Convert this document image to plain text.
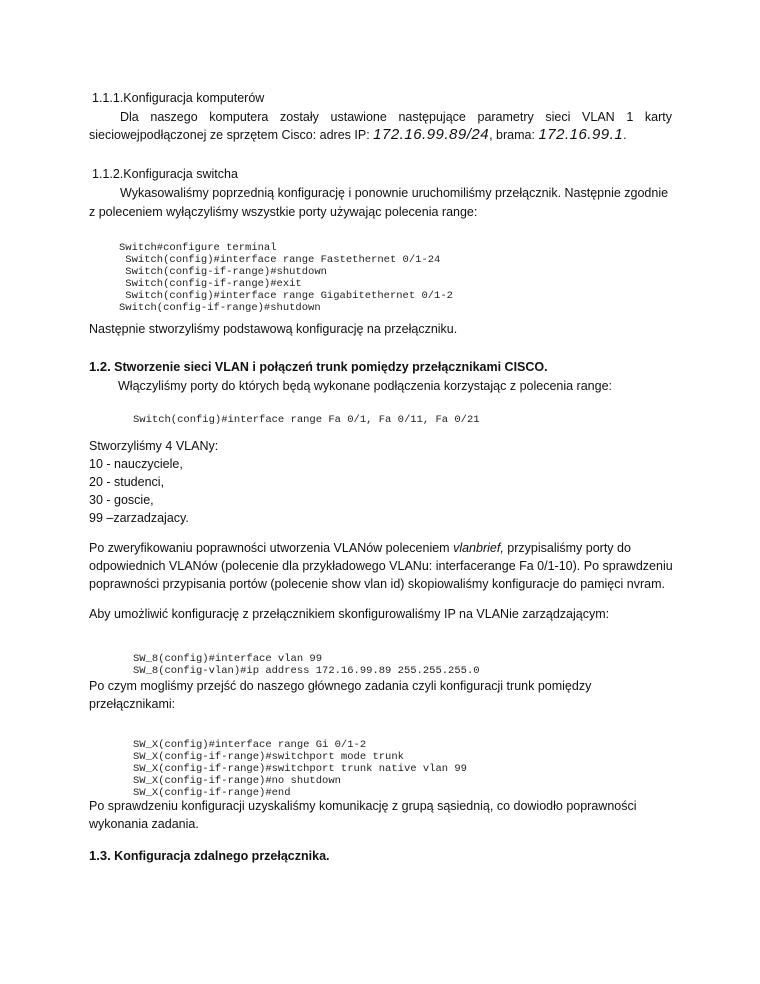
1.1.1.Konfiguracja komputerów
Dla naszego komputera zostały ustawione następujące parametry sieci VLAN 1 karty
sieciowejpodłączonej ze sprzętem Cisco: adres IP: 172.16.99.89/24, brama: 172.16.99.1.
1.1.2.Konfiguracja switcha
Wykasowaliśmy poprzednią konfigurację i ponownie uruchomiliśmy przełącznik. Następnie zgodnie
z poleceniem wyłączyliśmy wszystkie porty używając polecenia range:

Switch#configure terminal
Switch(config)#interface range Fastethernet 0/1-24
Switch(config-if-range)#shutdown
Switch(config-if-range)#exit
Switch(config)#interface range Gigabitethernet 0/1-2
Switch(config-if-range)#shutdown

Następnie stworzyliśmy podstawową konfigurację na przełączniku.
1.2. Stworzenie sieci VLAN i połączeń trunk pomiędzy przełącznikami CISCO.
Włączyliśmy porty do których będą wykonane podłączenia korzystając z polecenia range:
Switch(config)#interface range Fa 0/1, Fa 0/11, Fa 0/21
Stworzyliśmy 4 VLANy:
10 - nauczyciele,
20 - studenci,
30 - goscie,
99 –zarzadzajacy.
Po zweryfikowaniu poprawności utworzenia VLANów poleceniem vlanbrief, przypisaliśmy porty do
odpowiednich VLANów (polecenie dla przykładowego VLANu: interfacerange Fa 0/1-10). Po sprawdzeniu
poprawności przypisania portów (polecenie show vlan id) skopiowaliśmy konfiguracje do pamięci nvram.
Aby umożliwić konfigurację z przełącznikiem skonfigurowaliśmy IP na VLANie zarządzającym:

SW_8(config)#interface vlan 99
SW_8(config-vlan)#ip address 172.16.99.89 255.255.255.0

Po czym mogliśmy przejść do naszego głównego zadania czyli konfiguracji trunk pomiędzy
przełącznikami:

SW_X(config)#interface range Gi 0/1-2
SW_X(config-if-range)#switchport mode trunk
SW_X(config-if-range)#switchport trunk native vlan 99
SW_X(config-if-range)#no shutdown
SW_X(config-if-range)#end

Po sprawdzeniu konfiguracji uzyskaliśmy komunikację z grupą sąsiednią, co dowiodło poprawności
wykonania zadania.
1.3. Konfiguracja zdalnego przełącznika.
